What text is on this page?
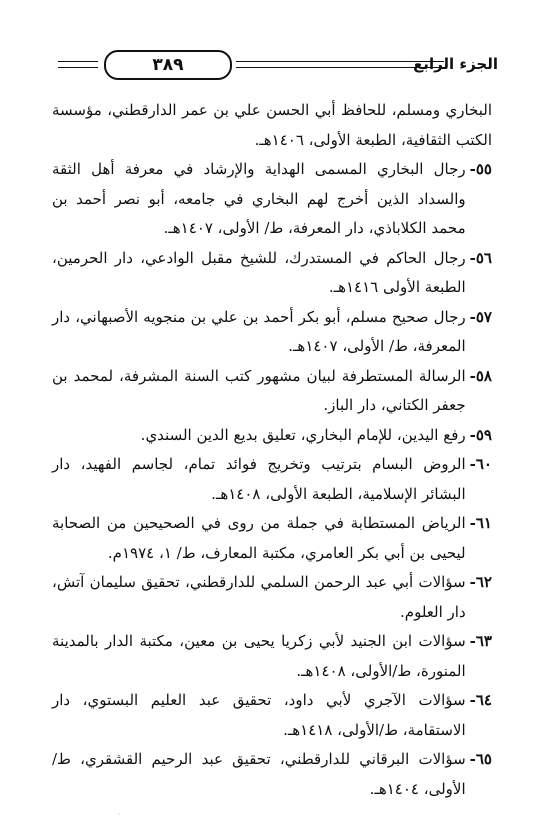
٣٨٩	الجزء الرابع

البخاري ومسلم، للحافظ أبي الحسن علي بن عمر الدارقطني، مؤسسة الكتب الثقافية، الطبعة الأولى، ١٤٠٦هـ.

٥٥-
رجال البخاري المسمى الهداية والإرشاد في معرفة أهل الثقة والسداد الذين أخرج لهم البخاري في جامعه، أبو نصر أحمد بن محمد الكلاباذي، دار المعرفة، ط/ الأولى، ١٤٠٧هـ.
٥٦-
رجال الحاكم في المستدرك، للشيخ مقبل الوادعي، دار الحرمين، الطبعة الأولى ١٤١٦هـ.
٥٧-
رجال صحيح مسلم، أبو بكر أحمد بن علي بن منجويه الأصبهاني، دار المعرفة، ط/ الأولى، ١٤٠٧هـ.
٥٨-
الرسالة المستطرفة لبيان مشهور كتب السنة المشرفة، لمحمد بن جعفر الكتاني، دار الباز.
٥٩-
رفع اليدين، للإمام البخاري، تعليق بديع الدين السندي.
٦٠-
الروض البسام بترتيب وتخريج فوائد تمام، لجاسم الفهيد، دار البشائر الإسلامية، الطبعة الأولى، ١٤٠٨هـ.
٦١-
الرياض المستطابة في جملة من روى في الصحيحين من الصحابة ليحيى بن أبي بكر العامري، مكتبة المعارف، ط/ ١، ١٩٧٤م.
٦٢-
سؤالات أبي عبد الرحمن السلمي للدارقطني، تحقيق سليمان آتش، دار العلوم.
٦٣-
سؤالات ابن الجنيد لأبي زكريا يحيى بن معين، مكتبة الدار بالمدينة المنورة، ط/الأولى، ١٤٠٨هـ.
٦٤-
سؤالات الآجري لأبي داود، تحقيق عبد العليم البستوي، دار الاستقامة، ط/الأولى، ١٤١٨هـ.
٦٥-
سؤالات البرقاني للدارقطني، تحقيق عبد الرحيم القشقري، ط/ الأولى، ١٤٠٤هـ.
·
